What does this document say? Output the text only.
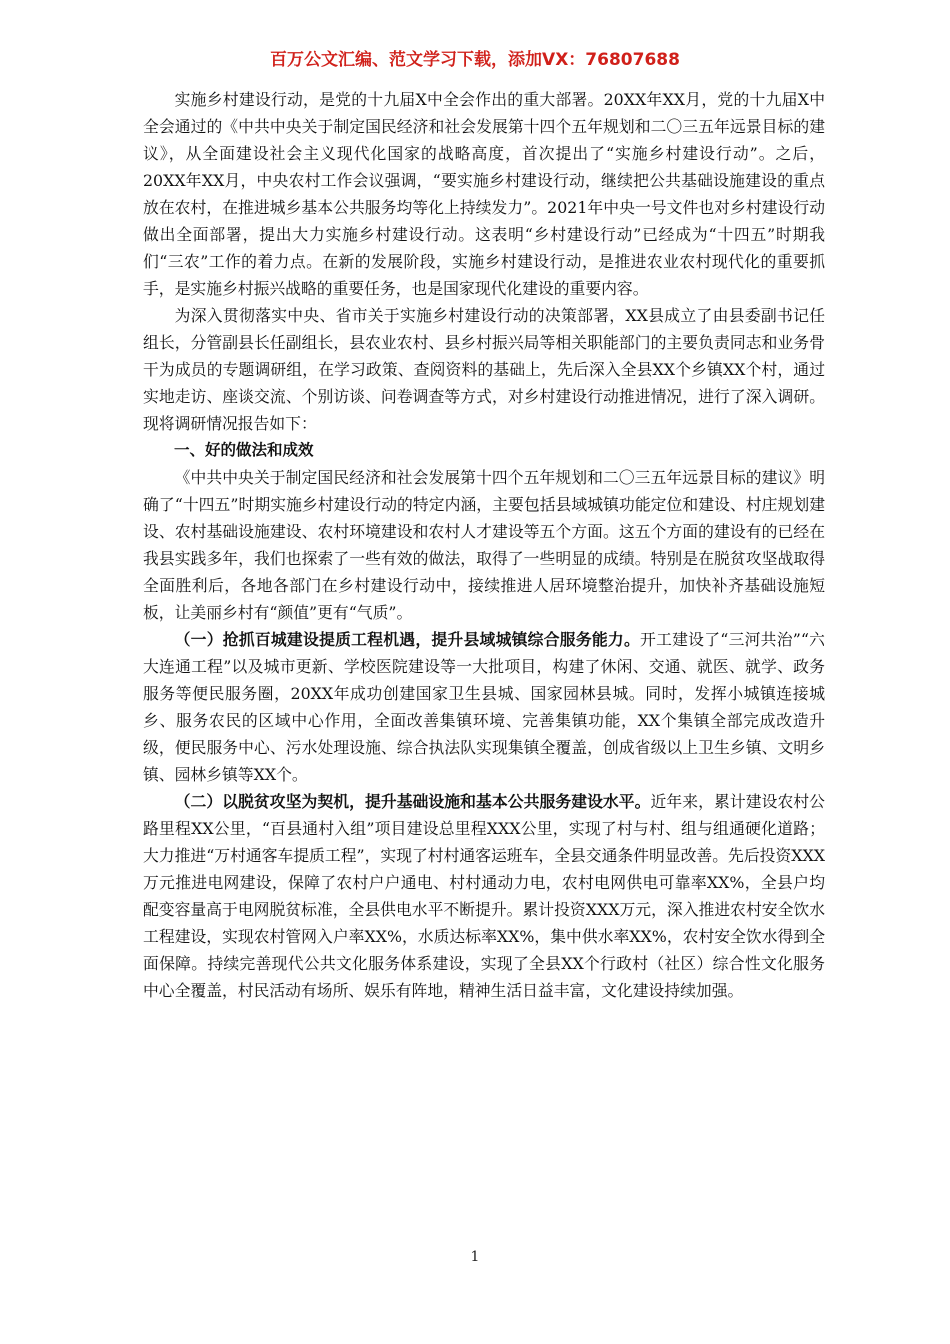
百万公文汇编、范文学习下载，添加VX：76807688

实施乡村建设行动，是党的十九届X中全会作出的重大部署。20XX年XX月，党的十九届X中全会通过的《中共中央关于制定国民经济和社会发展第十四个五年规划和二〇三五年远景目标的建议》，从全面建设社会主义现代化国家的战略高度，首次提出了“实施乡村建设行动”。之后，20XX年XX月，中央农村工作会议强调，“要实施乡村建设行动，继续把公共基础设施建设的重点放在农村，在推进城乡基本公共服务均等化上持续发力”。2021年中央一号文件也对乡村建设行动做出全面部署，提出大力实施乡村建设行动。这表明“乡村建设行动”已经成为“十四五”时期我们“三农”工作的着力点。在新的发展阶段，实施乡村建设行动，是推进农业农村现代化的重要抓手，是实施乡村振兴战略的重要任务，也是国家现代化建设的重要内容。

为深入贯彻落实中央、省市关于实施乡村建设行动的决策部署，XX县成立了由县委副书记任组长，分管副县长任副组长，县农业农村、县乡村振兴局等相关职能部门的主要负责同志和业务骨干为成员的专题调研组，在学习政策、查阅资料的基础上，先后深入全县XX个乡镇XX个村，通过实地走访、座谈交流、个别访谈、问卷调查等方式，对乡村建设行动推进情况，进行了深入调研。现将调研情况报告如下：

一、好的做法和成效

《中共中央关于制定国民经济和社会发展第十四个五年规划和二〇三五年远景目标的建议》明确了“十四五”时期实施乡村建设行动的特定内涵，主要包括县域城镇功能定位和建设、村庄规划建设、农村基础设施建设、农村环境建设和农村人才建设等五个方面。这五个方面的建设有的已经在我县实践多年，我们也探索了一些有效的做法，取得了一些明显的成绩。特别是在脱贫攻坚战取得全面胜利后，各地各部门在乡村建设行动中，接续推进人居环境整治提升，加快补齐基础设施短板，让美丽乡村有“颜值”更有“气质”。

（一）抢抓百城建设提质工程机遇，提升县域城镇综合服务能力。开工建设了“三河共治”“六大连通工程”以及城市更新、学校医院建设等一大批项目，构建了休闲、交通、就医、就学、政务服务等便民服务圈，20XX年成功创建国家卫生县城、国家园林县城。同时，发挥小城镇连接城乡、服务农民的区域中心作用，全面改善集镇环境、完善集镇功能，XX个集镇全部完成改造升级，便民服务中心、污水处理设施、综合执法队实现集镇全覆盖，创成省级以上卫生乡镇、文明乡镇、园林乡镇等XX个。

（二）以脱贫攻坚为契机，提升基础设施和基本公共服务建设水平。近年来，累计建设农村公路里程XX公里，“百县通村入组”项目建设总里程XXX公里，实现了村与村、组与组通硬化道路；大力推进“万村通客车提质工程”，实现了村村通客运班车，全县交通条件明显改善。先后投资XXX万元推进电网建设，保障了农村户户通电、村村通动力电，农村电网供电可靠率XX%，全县户均配变容量高于电网脱贫标准，全县供电水平不断提升。累计投资XXX万元，深入推进农村安全饮水工程建设，实现农村管网入户率XX%，水质达标率XX%，集中供水率XX%，农村安全饮水得到全面保障。持续完善现代公共文化服务体系建设，实现了全县XX个行政村（社区）综合性文化服务中心全覆盖，村民活动有场所、娱乐有阵地，精神生活日益丰富，文化建设持续加强。

1
